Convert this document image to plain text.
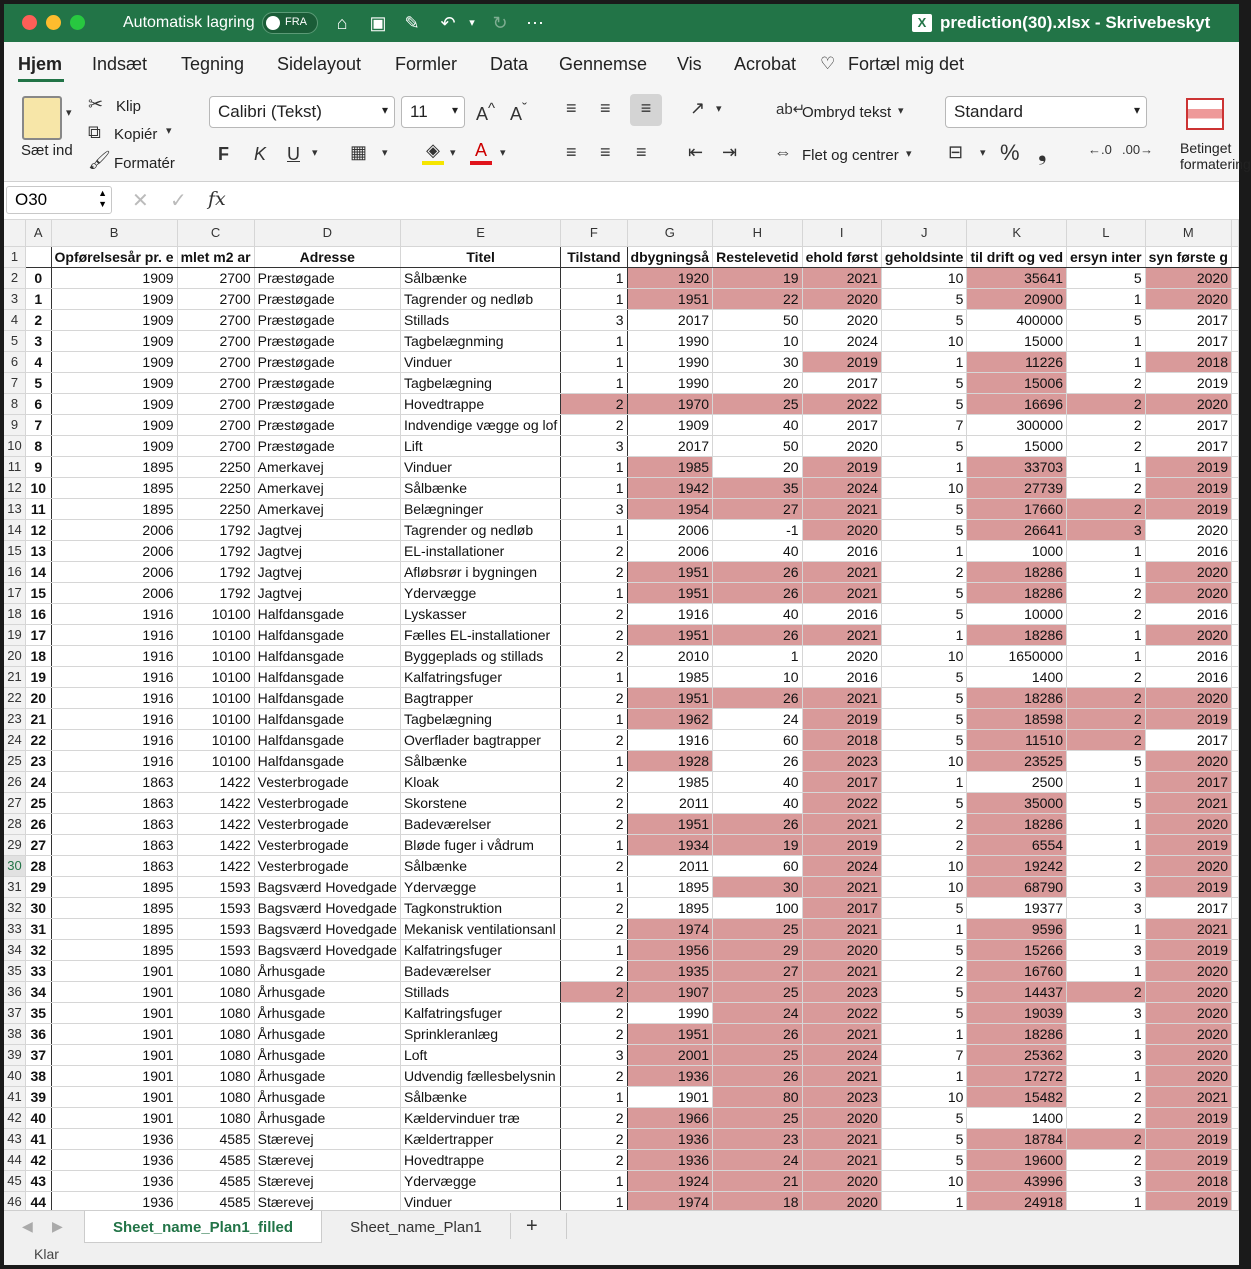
Automatisk lagring	FRA	⌂	▣ ✎ ↶	▾ ↻ ⋯	X prediction(30).xlsx - Skrivebeskyt
Hjem Indsæt Tegning Sidelayout Formler Data Gennemse Vis Acrobat ♡ Fortæl mig det
▾
Sæt ind
✂ Klip
⧉ Kopiér ▾
🖌 Formatér
Calibri (Tekst)	▾	11 ▾ A^ $A^ˇ$
F K U ▾ ▦ ▾ ◈ ▾ A	▾
≡ ≡	≡	↗ ▾
≡ ≡ ≡ ⇤ ⇥
ab↵
Ombryd tekst ▾
⇔ Flet og centrer ▾
Standard	▾
⊟ ▾ % ❟	←.0 .00→ Betinget formatering
O30	▲
▼ ✕ ✓ fx
	A	B	C	D	E	F	G	H	I	J	K	L	M	
1		Opførelsesår pr. e	mlet m2 ar	Adresse	Titel	Tilstand	dbygningså	Restelevetid	ehold først	geholdsinte	til drift og ved	ersyn inter	syn første g	
2	0	1909	2700	Præstøgade	Sålbænke	1	1920	19	2021	10	35641	5	2020	
3	1	1909	2700	Præstøgade	Tagrender og nedløb	1	1951	22	2020	5	20900	1	2020	
4	2	1909	2700	Præstøgade	Stillads	3	2017	50	2020	5	400000	5	2017	
5	3	1909	2700	Præstøgade	Tagbelægnming	1	1990	10	2024	10	15000	1	2017	
6	4	1909	2700	Præstøgade	Vinduer	1	1990	30	2019	1	11226	1	2018	
7	5	1909	2700	Præstøgade	Tagbelægning	1	1990	20	2017	5	15006	2	2019	
8	6	1909	2700	Præstøgade	Hovedtrappe	2	1970	25	2022	5	16696	2	2020	
9	7	1909	2700	Præstøgade	Indvendige vægge og lof	2	1909	40	2017	7	300000	2	2017	
10	8	1909	2700	Præstøgade	Lift	3	2017	50	2020	5	15000	2	2017	
11	9	1895	2250	Amerkavej	Vinduer	1	1985	20	2019	1	33703	1	2019	
12	10	1895	2250	Amerkavej	Sålbænke	1	1942	35	2024	10	27739	2	2019	
13	11	1895	2250	Amerkavej	Belægninger	3	1954	27	2021	5	17660	2	2019	
14	12	2006	1792	Jagtvej	Tagrender og nedløb	1	2006	-1	2020	5	26641	3	2020	
15	13	2006	1792	Jagtvej	EL-installationer	2	2006	40	2016	1	1000	1	2016	
16	14	2006	1792	Jagtvej	Afløbsrør i bygningen	2	1951	26	2021	2	18286	1	2020	
17	15	2006	1792	Jagtvej	Ydervægge	1	1951	26	2021	5	18286	2	2020	
18	16	1916	10100	Halfdansgade	Lyskasser	2	1916	40	2016	5	10000	2	2016	
19	17	1916	10100	Halfdansgade	Fælles EL-installationer	2	1951	26	2021	1	18286	1	2020	
20	18	1916	10100	Halfdansgade	Byggeplads og stillads	2	2010	1	2020	10	1650000	1	2016	
21	19	1916	10100	Halfdansgade	Kalfatringsfuger	1	1985	10	2016	5	1400	2	2016	
22	20	1916	10100	Halfdansgade	Bagtrapper	2	1951	26	2021	5	18286	2	2020	
23	21	1916	10100	Halfdansgade	Tagbelægning	1	1962	24	2019	5	18598	2	2019	
24	22	1916	10100	Halfdansgade	Overflader bagtrapper	2	1916	60	2018	5	11510	2	2017	
25	23	1916	10100	Halfdansgade	Sålbænke	1	1928	26	2023	10	23525	5	2020	
26	24	1863	1422	Vesterbrogade	Kloak	2	1985	40	2017	1	2500	1	2017	
27	25	1863	1422	Vesterbrogade	Skorstene	2	2011	40	2022	5	35000	5	2021	
28	26	1863	1422	Vesterbrogade	Badeværelser	2	1951	26	2021	2	18286	1	2020	
29	27	1863	1422	Vesterbrogade	Bløde fuger i vådrum	1	1934	19	2019	2	6554	1	2019	
30	28	1863	1422	Vesterbrogade	Sålbænke	2	2011	60	2024	10	19242	2	2020	
31	29	1895	1593	Bagsværd Hovedgade	Ydervægge	1	1895	30	2021	10	68790	3	2019	
32	30	1895	1593	Bagsværd Hovedgade	Tagkonstruktion	2	1895	100	2017	5	19377	3	2017	
33	31	1895	1593	Bagsværd Hovedgade	Mekanisk ventilationsanl	2	1974	25	2021	1	9596	1	2021	
34	32	1895	1593	Bagsværd Hovedgade	Kalfatringsfuger	1	1956	29	2020	5	15266	3	2019	
35	33	1901	1080	Århusgade	Badeværelser	2	1935	27	2021	2	16760	1	2020	
36	34	1901	1080	Århusgade	Stillads	2	1907	25	2023	5	14437	2	2020	
37	35	1901	1080	Århusgade	Kalfatringsfuger	2	1990	24	2022	5	19039	3	2020	
38	36	1901	1080	Århusgade	Sprinkleranlæg	2	1951	26	2021	1	18286	1	2020	
39	37	1901	1080	Århusgade	Loft	3	2001	25	2024	7	25362	3	2020	
40	38	1901	1080	Århusgade	Udvendig fællesbelysnin	2	1936	26	2021	1	17272	1	2020	
41	39	1901	1080	Århusgade	Sålbænke	1	1901	80	2023	10	15482	2	2021	
42	40	1901	1080	Århusgade	Kældervinduer træ	2	1966	25	2020	5	1400	2	2019	
43	41	1936	4585	Stærevej	Kældertrapper	2	1936	23	2021	5	18784	2	2019	
44	42	1936	4585	Stærevej	Hovedtrappe	2	1936	24	2021	5	19600	2	2019	
45	43	1936	4585	Stærevej	Ydervægge	1	1924	21	2020	10	43996	3	2018	
46	44	1936	4585	Stærevej	Vinduer	1	1974	18	2020	1	24918	1	2019	
◀ ▶	Sheet_name_Plan1_filled	Sheet_name_Plan1	+
Klar
